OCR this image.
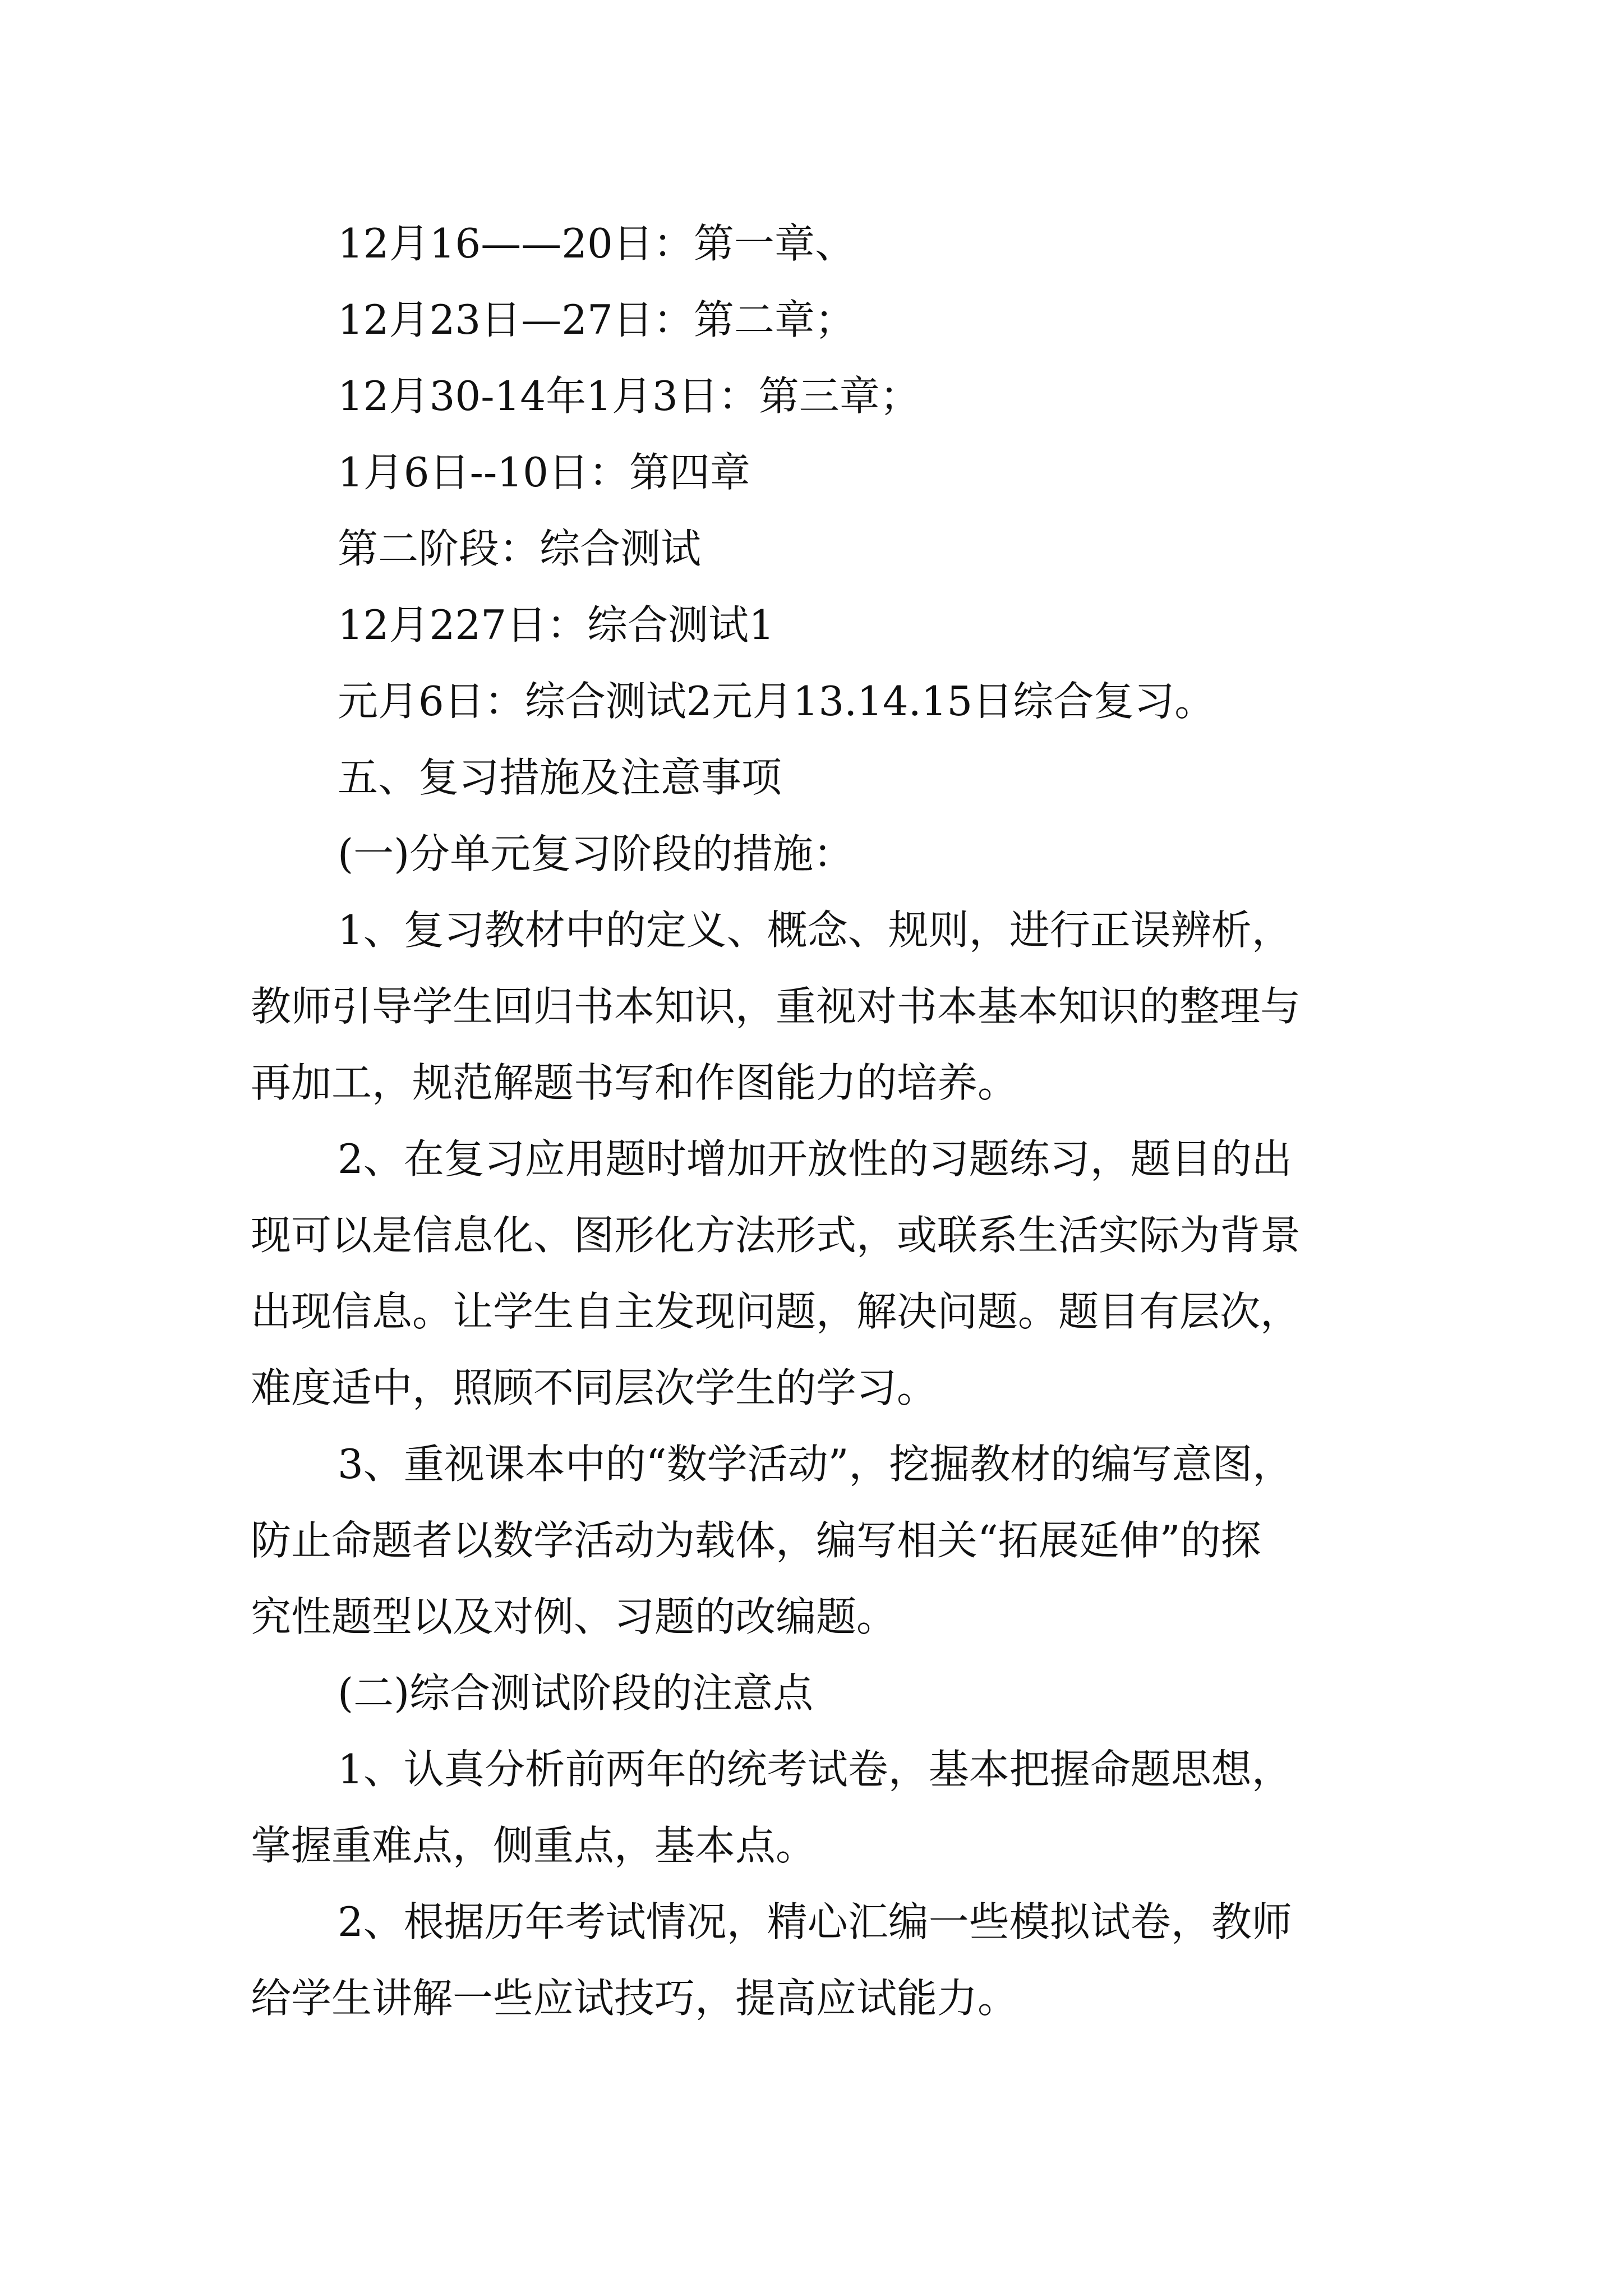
12月16——20日：第一章、
12月23日—27日：第二章；
12月30-14年1月3日：第三章；
1月6日--10日：第四章
第二阶段：综合测试
12月227日：综合测试1
元月6日：综合测试2元月13.14.15日综合复习。
五、复习措施及注意事项
(一)分单元复习阶段的措施：
1、复习教材中的定义、概念、规则，进行正误辨析，
教师引导学生回归书本知识，重视对书本基本知识的整理与
再加工，规范解题书写和作图能力的培养。
2、在复习应用题时增加开放性的习题练习，题目的出
现可以是信息化、图形化方法形式，或联系生活实际为背景
出现信息。让学生自主发现问题，解决问题。题目有层次，
难度适中，照顾不同层次学生的学习。
3、重视课本中的“数学活动”，挖掘教材的编写意图，
防止命题者以数学活动为载体，编写相关“拓展延伸”的探
究性题型以及对例、习题的改编题。
(二)综合测试阶段的注意点
1、认真分析前两年的统考试卷，基本把握命题思想，
掌握重难点，侧重点，基本点。
2、根据历年考试情况，精心汇编一些模拟试卷，教师
给学生讲解一些应试技巧，提高应试能力。
